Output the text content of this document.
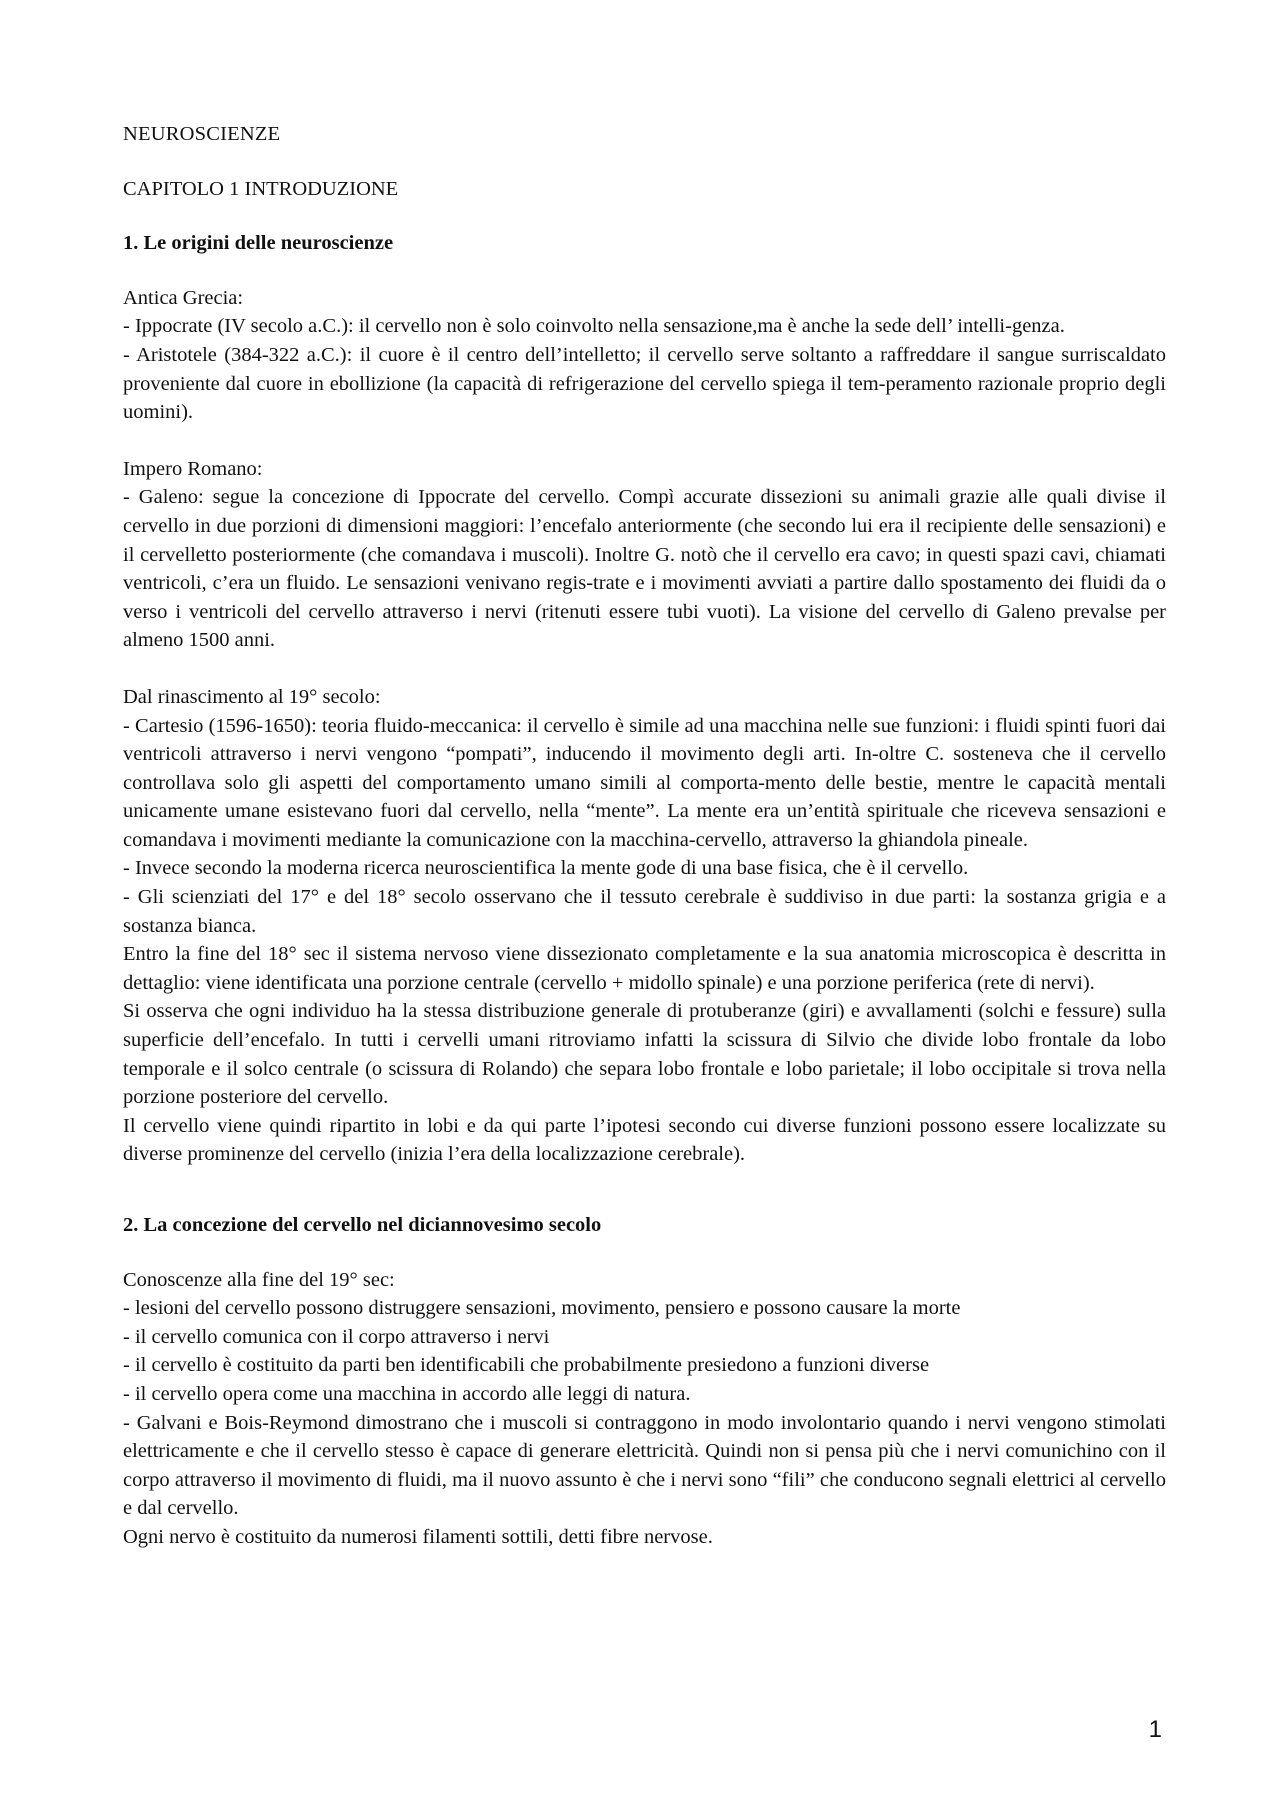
NEUROSCIENZE

CAPITOLO 1 INTRODUZIONE

1. Le origini delle neuroscienze

Antica Grecia:

- Ippocrate (IV secolo a.C.): il cervello non è solo coinvolto nella sensazione,ma è anche la sede dell’ intelli-genza.

- Aristotele (384-322 a.C.): il cuore è il centro dell’intelletto; il cervello serve soltanto a raffreddare il sangue surriscaldato proveniente dal cuore in ebollizione (la capacità di refrigerazione del cervello spiega il tem-peramento razionale proprio degli uomini).

Impero Romano:

- Galeno: segue la concezione di Ippocrate del cervello. Compì accurate dissezioni su animali grazie alle quali divise il cervello in due porzioni di dimensioni maggiori: l’encefalo anteriormente (che secondo lui era il recipiente delle sensazioni) e il cervelletto posteriormente (che comandava i muscoli). Inoltre G. notò che il cervello era cavo; in questi spazi cavi, chiamati ventricoli, c’era un fluido. Le sensazioni venivano regis-trate e i movimenti avviati a partire dallo spostamento dei fluidi da o verso i ventricoli del cervello attraverso i nervi (ritenuti essere tubi vuoti). La visione del cervello di Galeno prevalse per almeno 1500 anni.

Dal rinascimento al 19° secolo:

- Cartesio (1596-1650): teoria fluido-meccanica: il cervello è simile ad una macchina nelle sue funzioni: i fluidi spinti fuori dai ventricoli attraverso i nervi vengono “pompati”, inducendo il movimento degli arti. In-oltre C. sosteneva che il cervello controllava solo gli aspetti del comportamento umano simili al comporta-mento delle bestie, mentre le capacità mentali unicamente umane esistevano fuori dal cervello, nella “mente”. La mente era un’entità spirituale che riceveva sensazioni e comandava i movimenti mediante la comunicazione con la macchina-cervello, attraverso la ghiandola pineale.

- Invece secondo la moderna ricerca neuroscientifica la mente gode di una base fisica, che è il cervello.

- Gli scienziati del 17° e del 18° secolo osservano che il tessuto cerebrale è suddiviso in due parti: la sostanza grigia e a sostanza bianca.

Entro la fine del 18° sec il sistema nervoso viene dissezionato completamente e la sua anatomia microscopica è descritta in dettaglio: viene identificata una porzione centrale (cervello + midollo spinale) e una porzione periferica (rete di nervi).

Si osserva che ogni individuo ha la stessa distribuzione generale di protuberanze (giri) e avvallamenti (solchi e fessure) sulla superficie dell’encefalo. In tutti i cervelli umani ritroviamo infatti la scissura di Silvio che divide lobo frontale da lobo temporale e il solco centrale (o scissura di Rolando) che separa lobo frontale e lobo parietale; il lobo occipitale si trova nella porzione posteriore del cervello.

Il cervello viene quindi ripartito in lobi e da qui parte l’ipotesi secondo cui diverse funzioni possono essere localizzate su diverse prominenze del cervello (inizia l’era della localizzazione cerebrale).

2. La concezione del cervello nel diciannovesimo secolo

Conoscenze alla fine del 19° sec:

- lesioni del cervello possono distruggere sensazioni, movimento, pensiero e possono causare la morte

- il cervello comunica con il corpo attraverso i nervi

- il cervello è costituito da parti ben identificabili che probabilmente presiedono a funzioni diverse

- il cervello opera come una macchina in accordo alle leggi di natura.

- Galvani e Bois-Reymond dimostrano che i muscoli si contraggono in modo involontario quando i nervi vengono stimolati elettricamente e che il cervello stesso è capace di generare elettricità. Quindi non si pensa più che i nervi comunichino con il corpo attraverso il movimento di fluidi, ma il nuovo assunto è che i nervi sono “fili” che conducono segnali elettrici al cervello e dal cervello.

Ogni nervo è costituito da numerosi filamenti sottili, detti fibre nervose.

1
